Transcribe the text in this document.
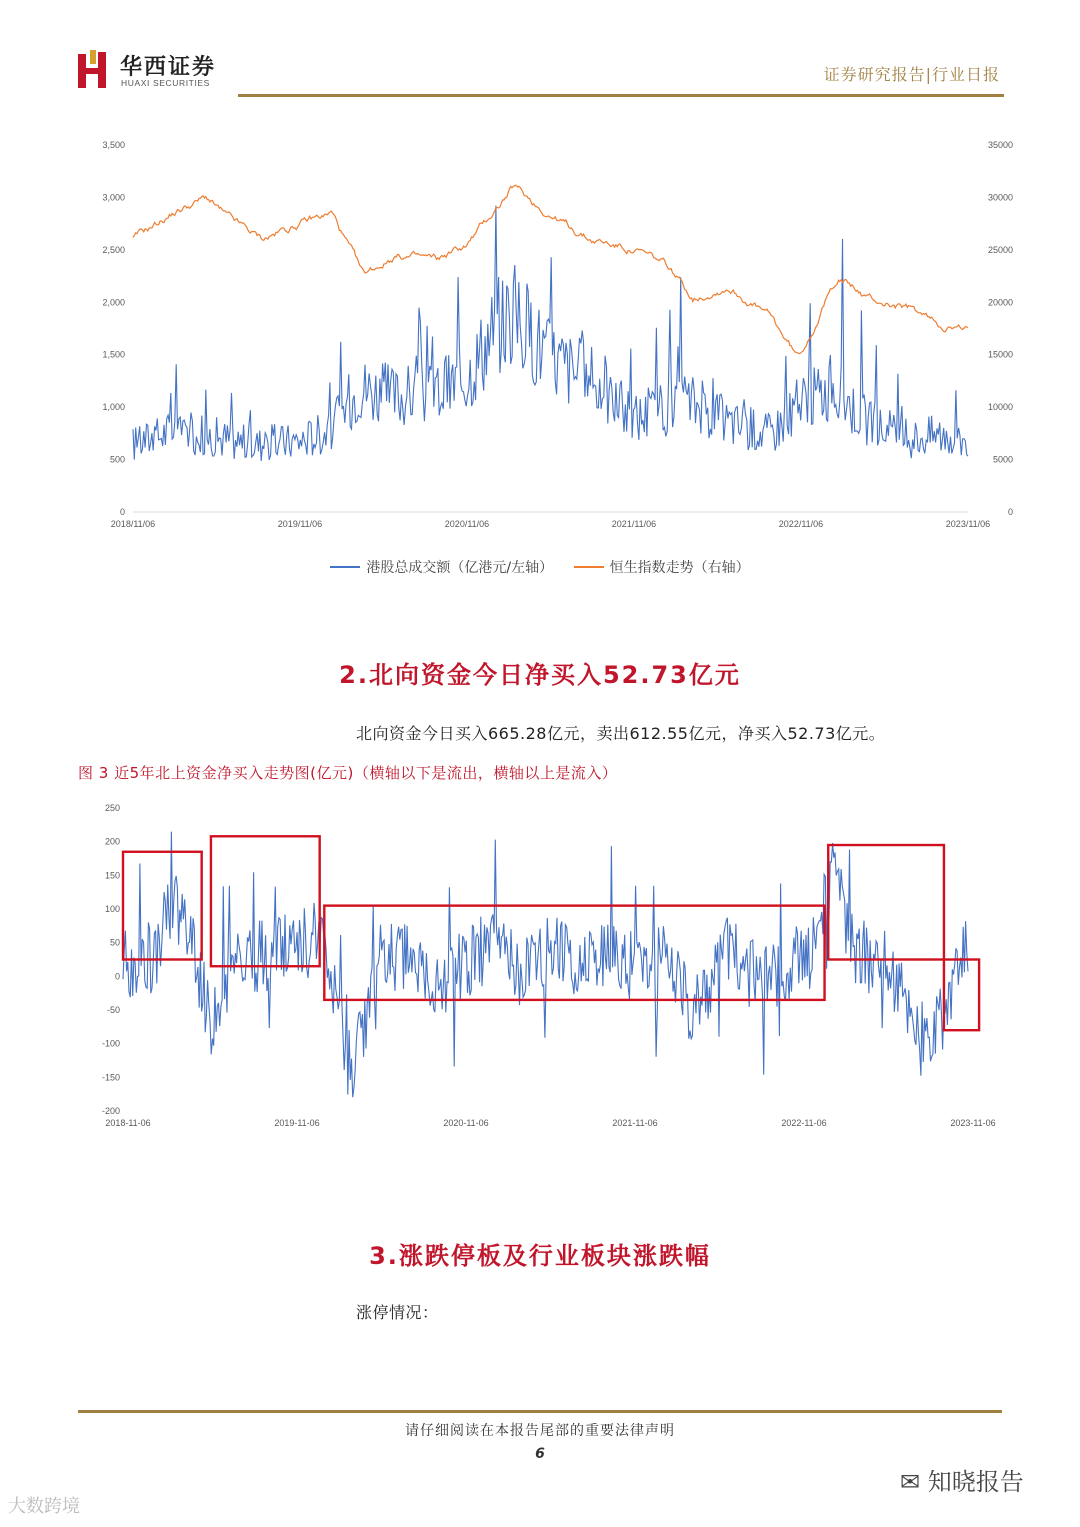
华西证券
HUAXI SECURITIES	证券研究报告|行业日报
0
500
1,000
1,500
2,000
2,500
3,000
3,500
0
5000
10000
15000
20000
25000
30000
35000
2018/11/06	2019/11/06	2020/11/06	2021/11/06	2022/11/06	2023/11/06
港股总成交额（亿港元/左轴）
	恒生指数走势（右轴）
2.北向资金今日净买入52.73亿元
北向资金今日买入665.28亿元，卖出612.55亿元，净买入52.73亿元。
图 3 近5年北上资金净买入走势图(亿元)（横轴以下是流出，横轴以上是流入）
-200
-150
-100
-50
0
50
100
150
200
250
2018-11-06	2019-11-06	2020-11-06	2021-11-06	2022-11-06	2023-11-06
3.涨跌停板及行业板块涨跌幅
涨停情况：
请仔细阅读在本报告尾部的重要法律声明
6
大数跨境
✉ 知晓报告
